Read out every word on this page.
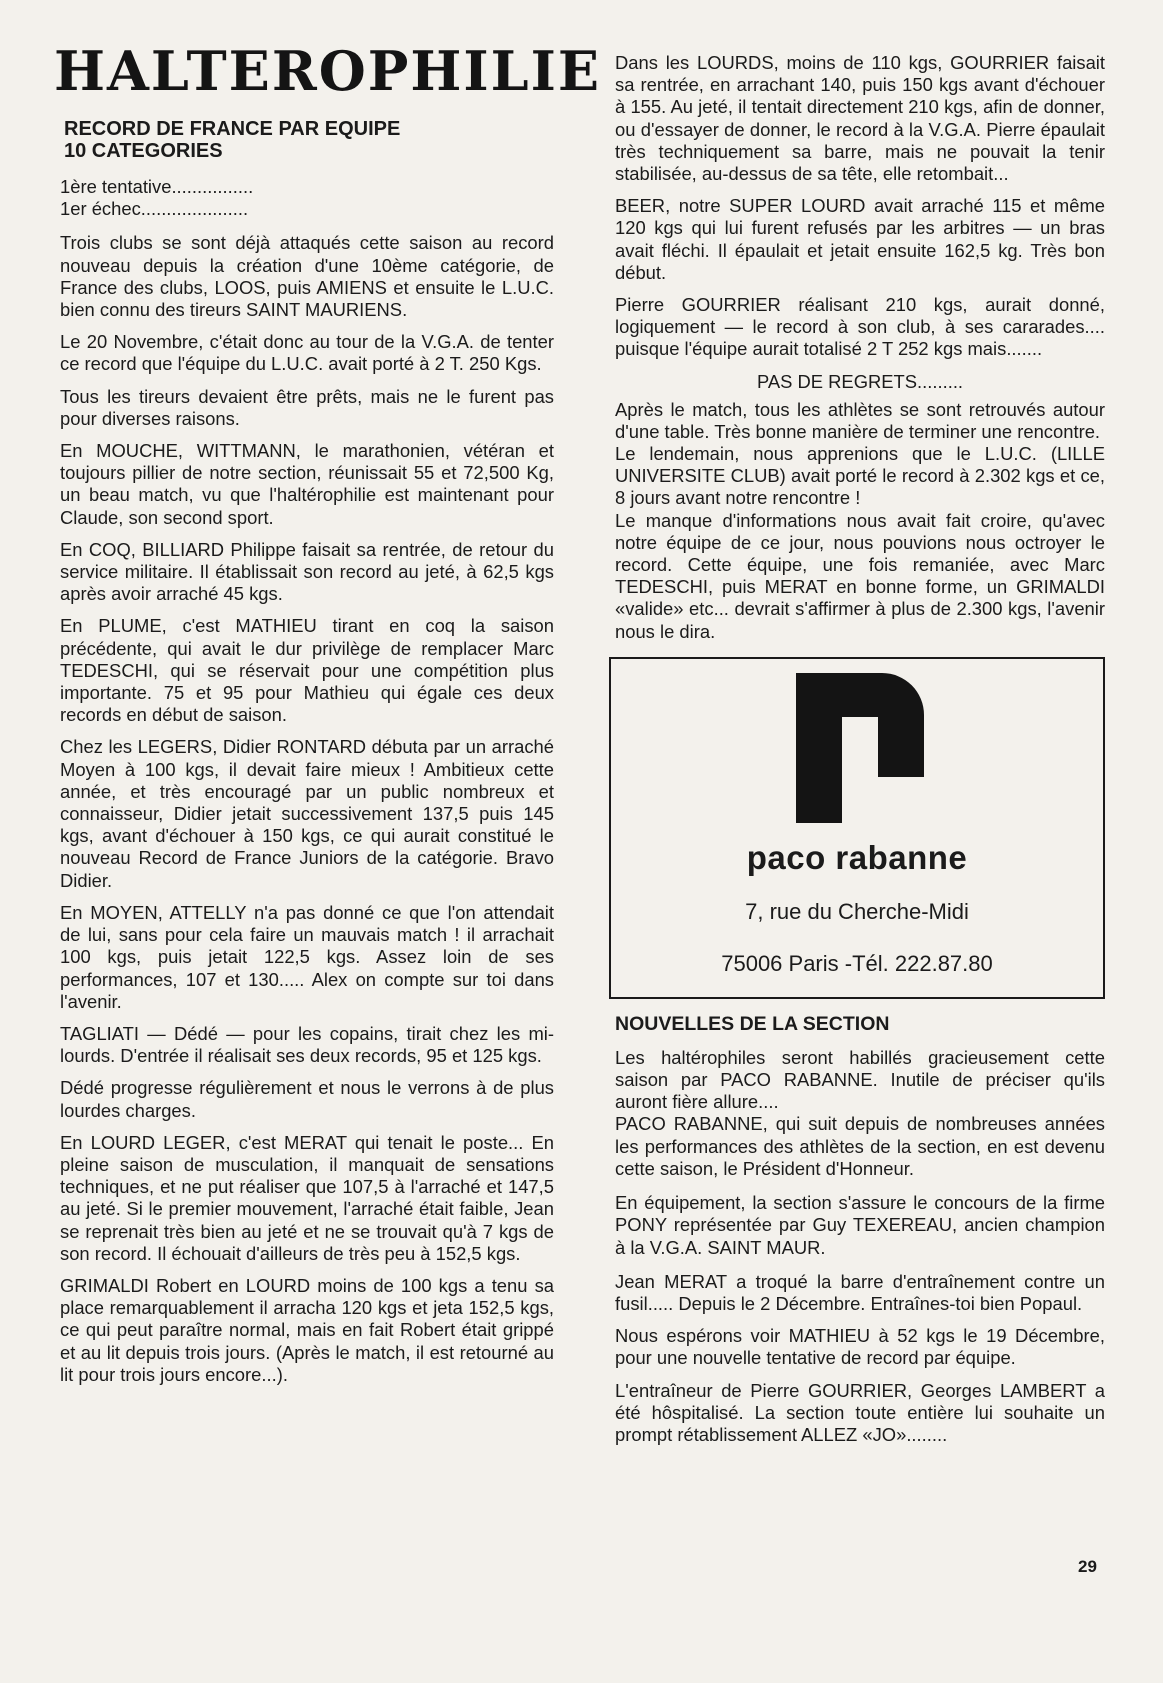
HALTEROPHILIE
RECORD DE FRANCE PAR EQUIPE
10 CATEGORIES

1ère tentative................

1er échec.....................

Trois clubs se sont déjà attaqués cette saison au record nouveau depuis la création d'une 10ème catégorie, de France des clubs, LOOS, puis AMIENS et ensuite le L.U.C. bien connu des tireurs SAINT MAURIENS.

Le 20 Novembre, c'était donc au tour de la V.G.A. de tenter ce record que l'équipe du L.U.C. avait porté à 2 T. 250 Kgs.

Tous les tireurs devaient être prêts, mais ne le furent pas pour diverses raisons.

En MOUCHE, WITTMANN, le marathonien, vétéran et toujours pillier de notre section, réunissait 55 et 72,500 Kg, un beau match, vu que l'haltérophilie est maintenant pour Claude, son second sport.

En COQ, BILLIARD Philippe faisait sa rentrée, de retour du service militaire. Il établissait son record au jeté, à 62,5 kgs après avoir arraché 45 kgs.

En PLUME, c'est MATHIEU tirant en coq la saison précédente, qui avait le dur privilège de remplacer Marc TEDESCHI, qui se réservait pour une compétition plus importante. 75 et 95 pour Mathieu qui égale ces deux records en début de saison.

Chez les LEGERS, Didier RONTARD débuta par un arraché Moyen à 100 kgs, il devait faire mieux ! Ambitieux cette année, et très encouragé par un public nombreux et connaisseur, Didier jetait successivement 137,5 puis 145 kgs, avant d'échouer à 150 kgs, ce qui aurait constitué le nouveau Record de France Juniors de la catégorie. Bravo Didier.

En MOYEN, ATTELLY n'a pas donné ce que l'on attendait de lui, sans pour cela faire un mauvais match ! il arrachait 100 kgs, puis jetait 122,5 kgs. Assez loin de ses performances, 107 et 130..... Alex on compte sur toi dans l'avenir.

TAGLIATI — Dédé — pour les copains, tirait chez les mi-lourds. D'entrée il réalisait ses deux records, 95 et 125 kgs.

Dédé progresse régulièrement et nous le verrons à de plus lourdes charges.

En LOURD LEGER, c'est MERAT qui tenait le poste... En pleine saison de musculation, il manquait de sensations techniques, et ne put réaliser que 107,5 à l'arraché et 147,5 au jeté. Si le premier mouvement, l'arraché était faible, Jean se reprenait très bien au jeté et ne se trouvait qu'à 7 kgs de son record. Il échouait d'ailleurs de très peu à 152,5 kgs.

GRIMALDI Robert en LOURD moins de 100 kgs a tenu sa place remarquablement il arracha 120 kgs et jeta 152,5 kgs, ce qui peut paraître normal, mais en fait Robert était grippé et au lit depuis trois jours. (Après le match, il est retourné au lit pour trois jours encore...).

Dans les LOURDS, moins de 110 kgs, GOURRIER faisait sa rentrée, en arrachant 140, puis 150 kgs avant d'échouer à 155. Au jeté, il tentait directement 210 kgs, afin de donner, ou d'essayer de donner, le record à la V.G.A. Pierre épaulait très techniquement sa barre, mais ne pouvait la tenir stabilisée, au-dessus de sa tête, elle retombait...

BEER, notre SUPER LOURD avait arraché 115 et même 120 kgs qui lui furent refusés par les arbitres — un bras avait fléchi. Il épaulait et jetait ensuite 162,5 kg. Très bon début.

Pierre GOURRIER réalisant 210 kgs, aurait donné, logiquement — le record à son club, à ses cararades.... puisque l'équipe aurait totalisé 2 T 252 kgs mais.......

PAS DE REGRETS.........

Après le match, tous les athlètes se sont retrouvés autour d'une table. Très bonne manière de terminer une rencontre.

Le lendemain, nous apprenions que le L.U.C. (LILLE UNIVERSITE CLUB) avait porté le record à 2.302 kgs et ce, 8 jours avant notre rencontre !

Le manque d'informations nous avait fait croire, qu'avec notre équipe de ce jour, nous pouvions nous octroyer le record. Cette équipe, une fois remaniée, avec Marc TEDESCHI, puis MERAT en bonne forme, un GRIMALDI «valide» etc... devrait s'affirmer à plus de 2.300 kgs, l'avenir nous le dira.

paco rabanne
7, rue du Cherche-Midi
75006 Paris -Tél. 222.87.80
NOUVELLES DE LA SECTION

Les haltérophiles seront habillés gracieusement cette saison par PACO RABANNE. Inutile de préciser qu'ils auront fière allure....

PACO RABANNE, qui suit depuis de nombreuses années les performances des athlètes de la section, en est devenu cette saison, le Président d'Honneur.

En équipement, la section s'assure le concours de la firme PONY représentée par Guy TEXEREAU, ancien champion à la V.G.A. SAINT MAUR.

Jean MERAT a troqué la barre d'entraînement contre un fusil..... Depuis le 2 Décembre. Entraînes-toi bien Popaul.

Nous espérons voir MATHIEU à 52 kgs le 19 Décembre, pour une nouvelle tentative de record par équipe.

L'entraîneur de Pierre GOURRIER, Georges LAMBERT a été hôspitalisé. La section toute entière lui souhaite un prompt rétablissement ALLEZ «JO»........

29
